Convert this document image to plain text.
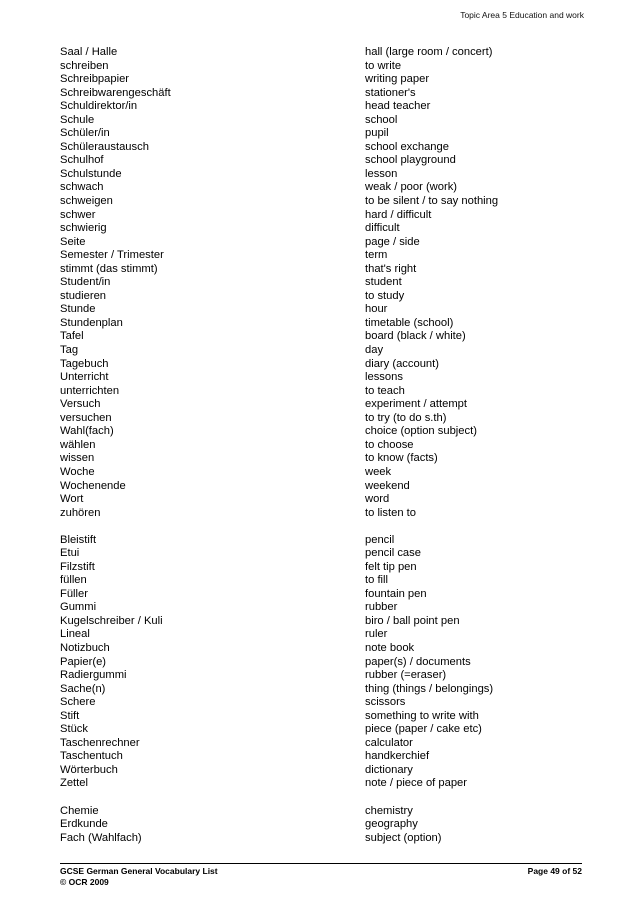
Topic Area 5 Education and work
Saal / Halle	hall (large room / concert)
schreiben	to write
Schreibpapier	writing paper
Schreibwarengeschäft	stationer's
Schuldirektor/in	head teacher
Schule	school
Schüler/in	pupil
Schüleraustausch	school exchange
Schulhof	school playground
Schulstunde	lesson
schwach	weak / poor (work)
schweigen	to be silent / to say nothing
schwer	hard / difficult
schwierig	difficult
Seite	page / side
Semester / Trimester	term
stimmt (das stimmt)	that's right
Student/in	student
studieren	to study
Stunde	hour
Stundenplan	timetable (school)
Tafel	board (black / white)
Tag	day
Tagebuch	diary (account)
Unterricht	lessons
unterrichten	to teach
Versuch	experiment / attempt
versuchen	to try (to do s.th)
Wahl(fach)	choice (option subject)
wählen	to choose
wissen	to know (facts)
Woche	week
Wochenende	weekend
Wort	word
zuhören	to listen to
Bleistift	pencil
Etui	pencil case
Filzstift	felt tip pen
füllen	to fill
Füller	fountain pen
Gummi	rubber
Kugelschreiber / Kuli	biro / ball point pen
Lineal	ruler
Notizbuch	note book
Papier(e)	paper(s) / documents
Radiergummi	rubber (=eraser)
Sache(n)	thing (things / belongings)
Schere	scissors
Stift	something to write with
Stück	piece (paper / cake etc)
Taschenrechner	calculator
Taschentuch	handkerchief
Wörterbuch	dictionary
Zettel	note / piece of paper
Chemie	chemistry
Erdkunde	geography
Fach (Wahlfach)	subject (option)
GCSE German General Vocabulary List
© OCR 2009
Page 49 of 52
